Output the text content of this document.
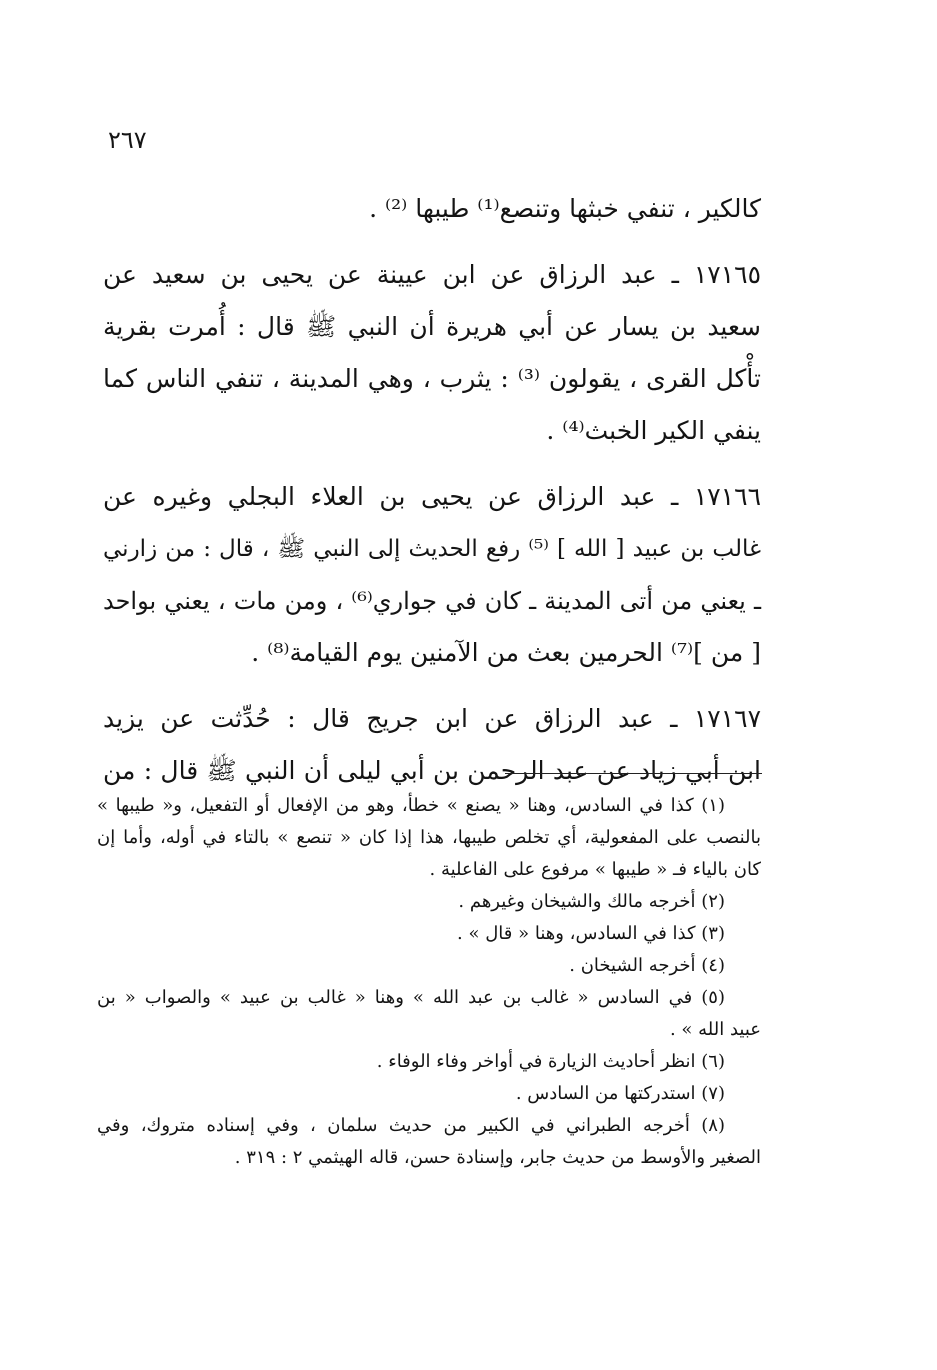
٢٦٧
كالكير ، تنفي خبثها وتنصع⁽¹⁾ طيبها ⁽²⁾ .
١٧١٦٥ ـ عبد الرزاق عن ابن عيينة عن يحيى بن سعيد عن
سعيد بن يسار عن أبي هريرة أن النبي ﷺ قال : أُمرت بقرية
تأْكل القرى ، يقولون ⁽³⁾ : يثرب ، وهي المدينة ، تنفي الناس كما
ينفي الكير الخبث⁽⁴⁾ .
١٧١٦٦ ـ عبد الرزاق عن يحيى بن العلاء البجلي وغيره عن
غالب بن عبيد [ الله ] ⁽⁵⁾ رفع الحديث إلى النبي ﷺ ، قال : من زارني
ـ يعني من أتى المدينة ـ كان في جواري⁽⁶⁾ ، ومن مات ، يعني بواحد
[ من ]⁽⁷⁾ الحرمين بعث من الآمنين يوم القيامة⁽⁸⁾ .
١٧١٦٧ ـ عبد الرزاق عن ابن جريج قال : حُدِّثت عن يزيد
ابن أبي زياد عن عبد الرحمن بن أبي ليلى أن النبي ﷺ قال : من
(١) كذا في السادس، وهنا « يصنع » خطأ، وهو من الإفعال أو التفعيل، و« طيبها »
بالنصب على المفعولية، أي تخلص طيبها، هذا إذا كان « تنصع » بالتاء في أوله، وأما إن
كان بالياء فـ « طيبها » مرفوع على الفاعلية .
(٢) أخرجه مالك والشيخان وغيرهم .
(٣) كذا في السادس، وهنا « قال » .
(٤) أخرجه الشيخان .
(٥) في السادس « غالب بن عبد الله » وهنا « غالب بن عبيد » والصواب « بن
عبيد الله » .
(٦) انظر أحاديث الزيارة في أواخر وفاء الوفاء .
(٧) استدركتها من السادس .
(٨) أخرجه الطبراني في الكبير من حديث سلمان ، وفي إسناده متروك، وفي
الصغير والأوسط من حديث جابر، وإسنادة حسن، قاله الهيثمي ٢ : ٣١٩ .
